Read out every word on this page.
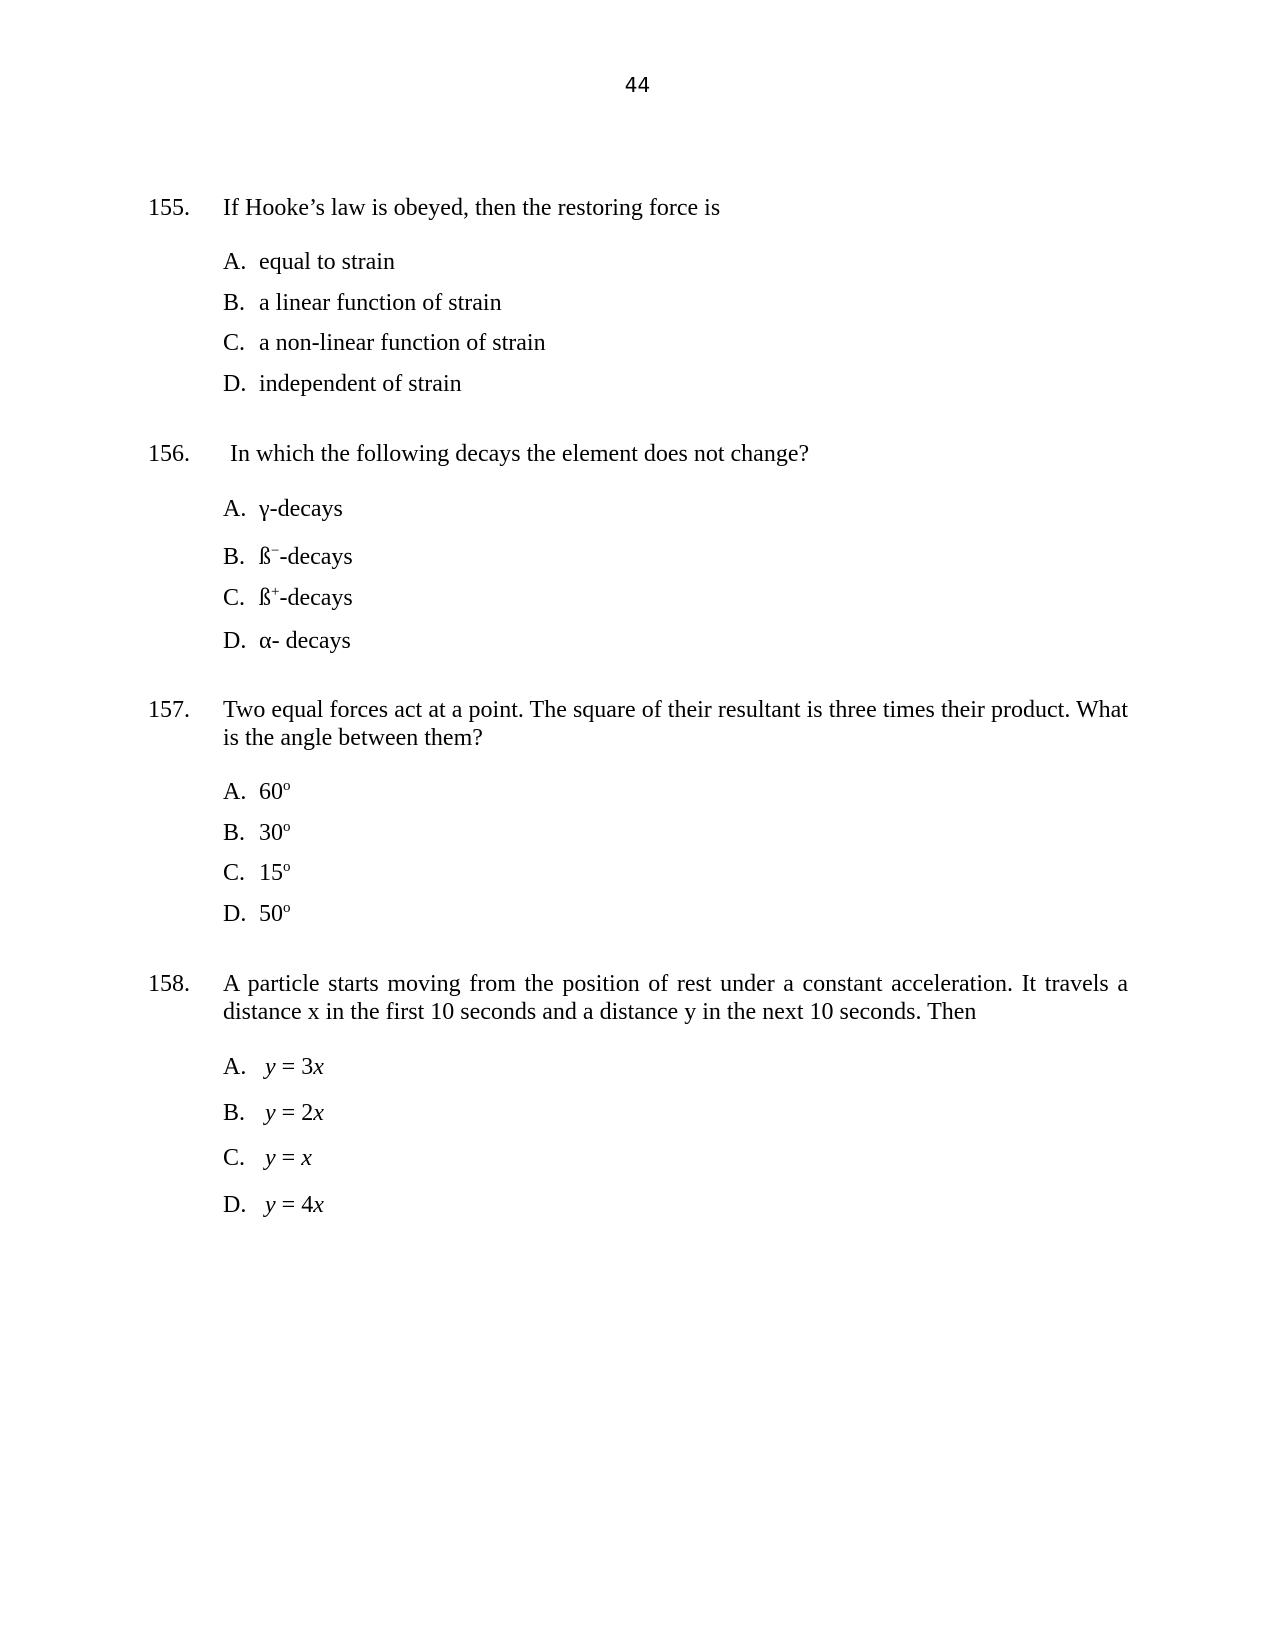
44
155. If Hooke’s law is obeyed, then the restoring force is
A. equal to strain
B. a linear function of strain
C. a non-linear function of strain
D. independent of strain
156. In which the following decays the element does not change?
A. γ-decays
B. ß−-decays
C. ß+-decays
D. α- decays
157. Two equal forces act at a point. The square of their resultant is three times their product. What is the angle between them?
A. 60$^o$
B. 30$^o$
C. 15$^o$
D. 50$^o$
158. A particle starts moving from the position of rest under a constant acceleration. It travels a distance x in the first 10 seconds and a distance y in the next 10 seconds. Then
A. y = 3x
B. y = 2x
C. y = x
D. y = 4x
